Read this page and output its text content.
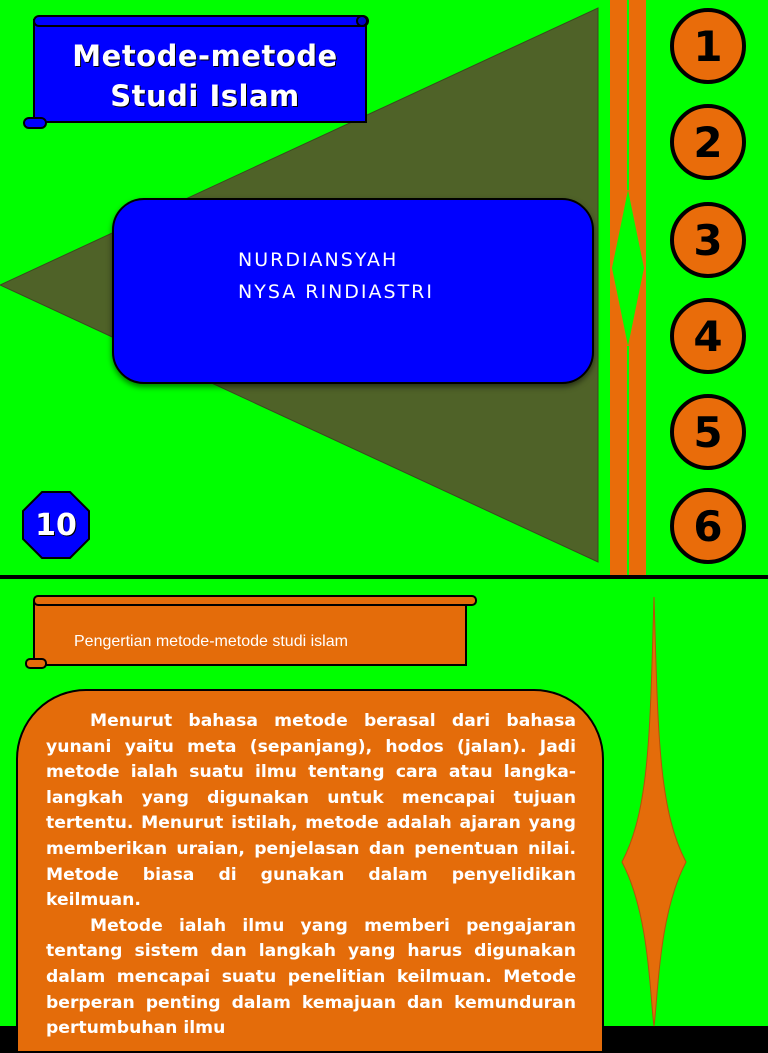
Metode-metode
Studi Islam
NURDIANSYAH
NYSA RINDIASTRI
1
2
3
4
5
6
10
Pengertian metode-metode studi islam

Menurut bahasa metode berasal dari bahasa yunani yaitu meta (sepanjang), hodos (jalan). Jadi metode ialah suatu ilmu tentang cara atau langka-langkah yang digunakan untuk mencapai tujuan tertentu. Menurut istilah, metode adalah ajaran yang memberikan uraian, penjelasan dan penentuan nilai. Metode biasa di gunakan dalam penyelidikan keilmuan.

Metode ialah ilmu yang memberi pengajaran tentang sistem dan langkah yang harus digunakan dalam mencapai suatu penelitian keilmuan. Metode berperan penting dalam kemajuan dan kemunduran pertumbuhan ilmu
